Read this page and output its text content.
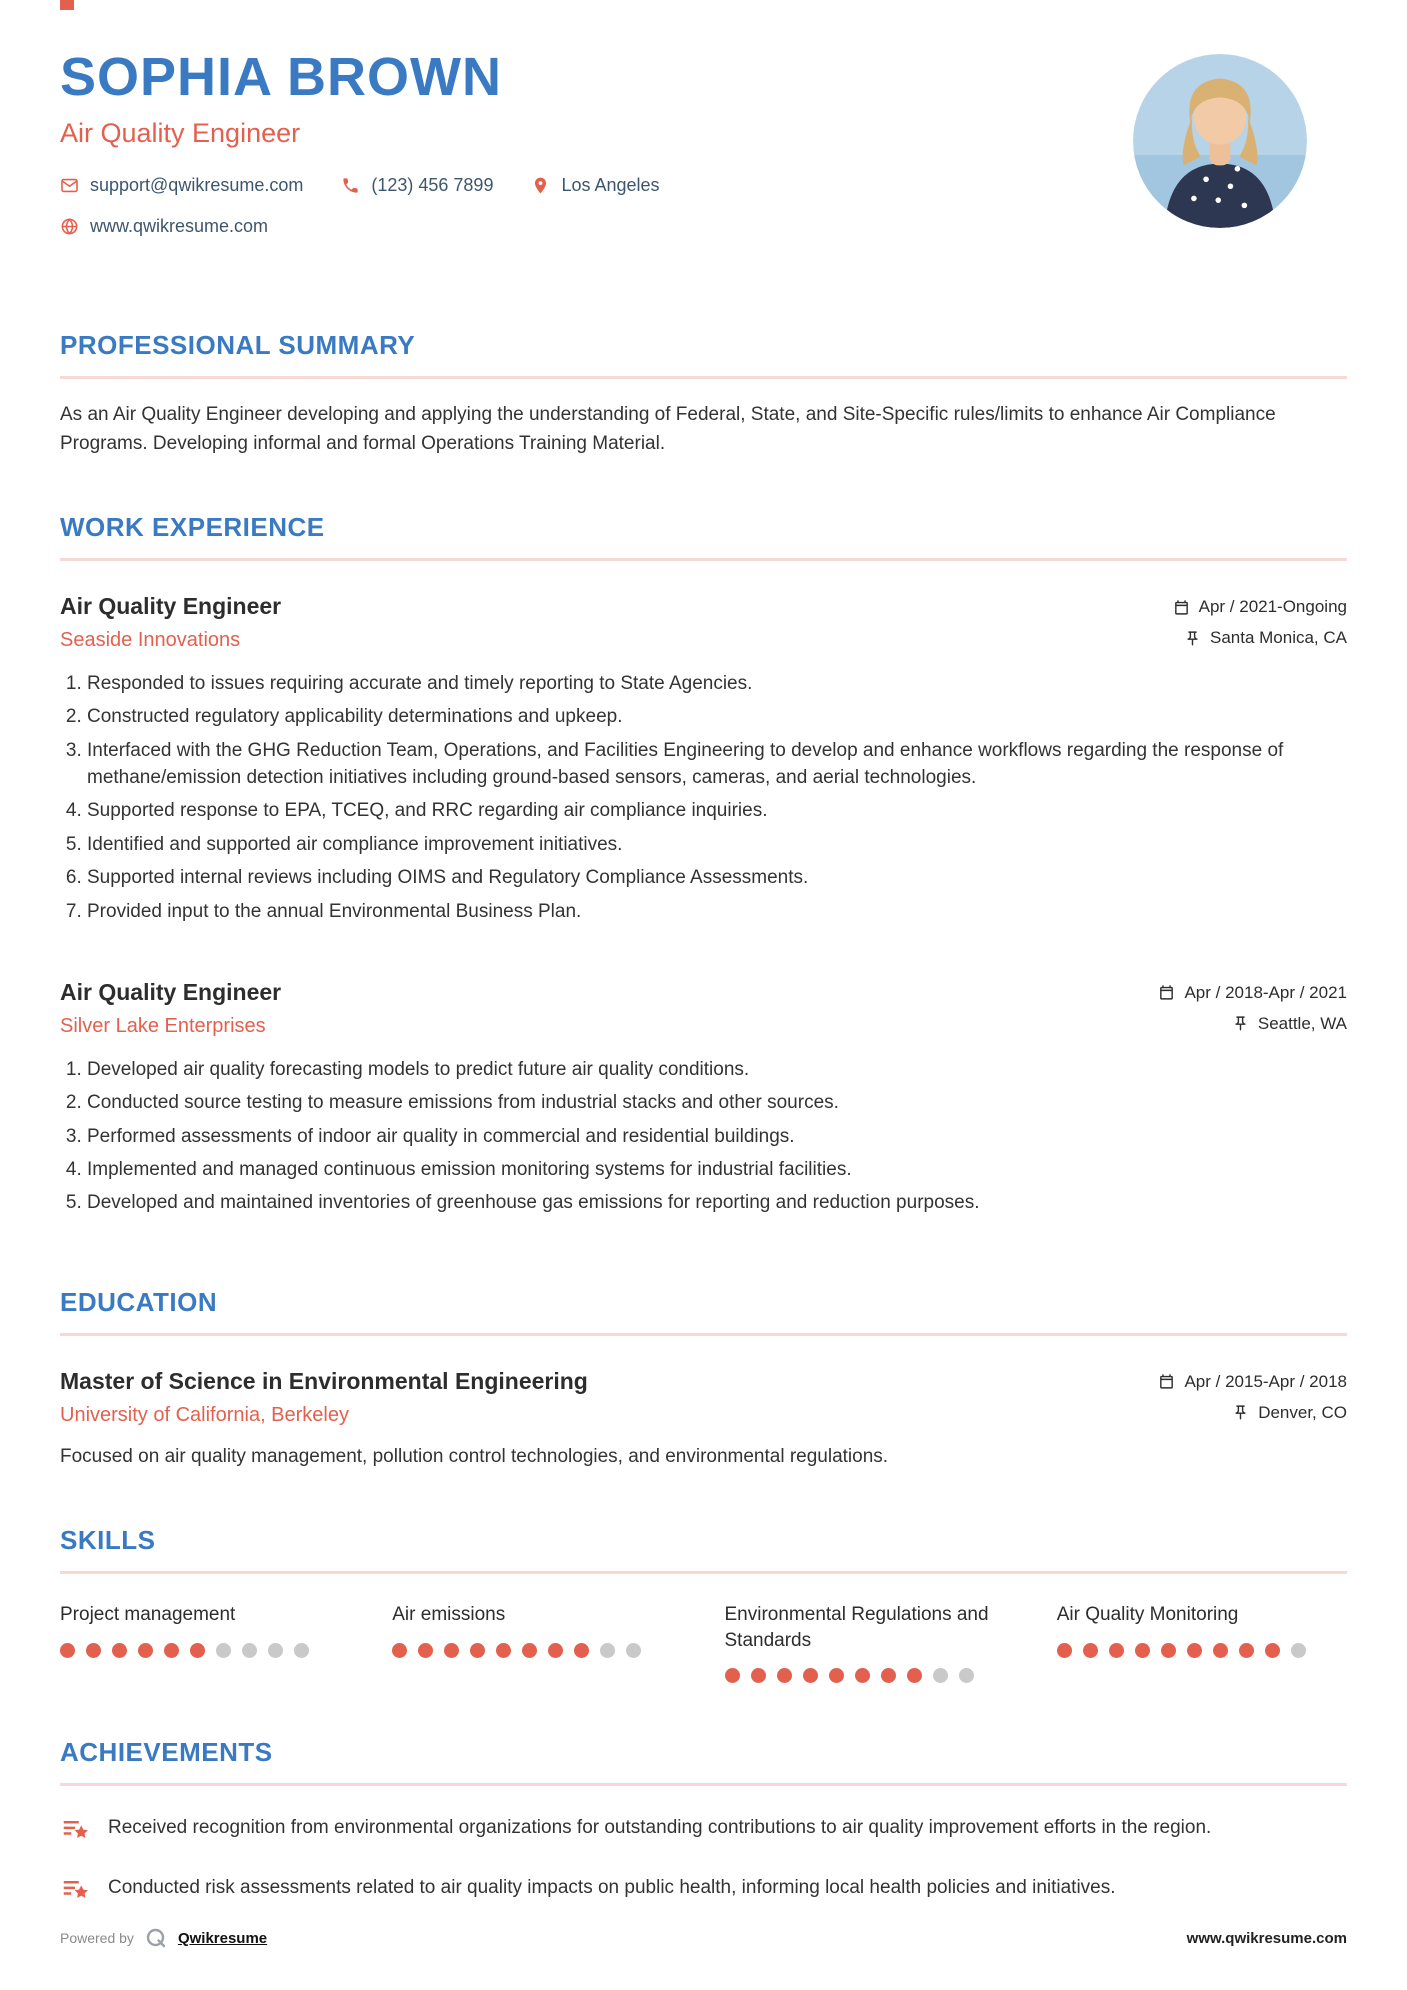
SOPHIA BROWN
Air Quality Engineer
support@qwikresume.com	(123) 456 7899	Los Angeles
www.qwikresume.com
PROFESSIONAL SUMMARY

As an Air Quality Engineer developing and applying the understanding of Federal, State, and Site-Specific rules/limits to enhance Air Compliance Programs. Developing informal and formal Operations Training Material.

WORK EXPERIENCE
Air Quality Engineer
Seaside Innovations
Apr / 2021-Ongoing
Santa Monica, CA
1. Responded to issues requiring accurate and timely reporting to State Agencies.
2. Constructed regulatory applicability determinations and upkeep.
3. Interfaced with the GHG Reduction Team, Operations, and Facilities Engineering to develop and enhance workflows regarding the response of methane/emission detection initiatives including ground-based sensors, cameras, and aerial technologies.
4. Supported response to EPA, TCEQ, and RRC regarding air compliance inquiries.
5. Identified and supported air compliance improvement initiatives.
6. Supported internal reviews including OIMS and Regulatory Compliance Assessments.
7. Provided input to the annual Environmental Business Plan.
Air Quality Engineer
Silver Lake Enterprises
Apr / 2018-Apr / 2021
Seattle, WA
1. Developed air quality forecasting models to predict future air quality conditions.
2. Conducted source testing to measure emissions from industrial stacks and other sources.
3. Performed assessments of indoor air quality in commercial and residential buildings.
4. Implemented and managed continuous emission monitoring systems for industrial facilities.
5. Developed and maintained inventories of greenhouse gas emissions for reporting and reduction purposes.
EDUCATION
Master of Science in Environmental Engineering
University of California, Berkeley
Apr / 2015-Apr / 2018
Denver, CO

Focused on air quality management, pollution control technologies, and environmental regulations.

SKILLS
Project management	Air emissions	Environmental Regulations and Standards
Air Quality Monitoring
ACHIEVEMENTS

Received recognition from environmental organizations for outstanding contributions to air quality improvement efforts in the region.

Conducted risk assessments related to air quality impacts on public health, informing local health policies and initiatives.

Powered by	Qwikresume	www.qwikresume.com
